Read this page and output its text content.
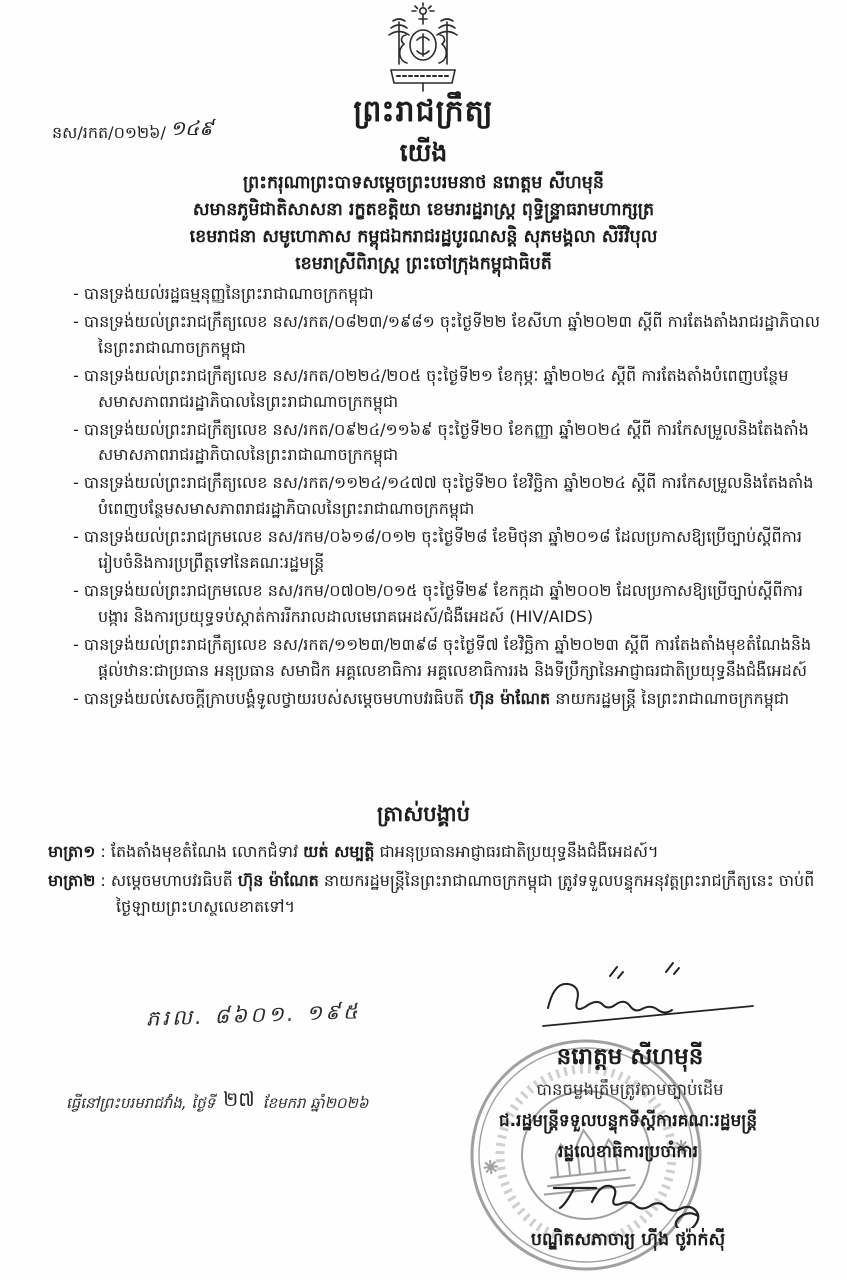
នស/រកត/០១២៦/ ១៤៩	ព្រះរាជក្រឹត្យ
យើង
ព្រះករុណាព្រះបាទសម្តេចព្រះបរមនាថ នរោត្តម សីហមុនី
សមានភូមិជាតិសាសនា រក្ខតខត្តិយា ខេមរារដ្ឋរាស្ត្រ ពុទ្ធិន្ទ្រាធរាមហាក្សត្រ
ខេមរាជនា សមូហោភាស កម្ពុជឯករាជរដ្ឋបូរណសន្តិ សុភមង្គលា សិរីវិបុល
ខេមរាស្រីពិរាស្ត្រ ព្រះចៅក្រុងកម្ពុជាធិបតី
- បានទ្រង់យល់រដ្ឋធម្មនុញ្ញនៃព្រះរាជាណាចក្រកម្ពុជា
- បានទ្រង់យល់ព្រះរាជក្រឹត្យលេខ នស/រកត/០៨២៣/១៩៨១ ចុះថ្ងៃទី២២ ខែសីហា ឆ្នាំ២០២៣ ស្តីពី ការតែងតាំងរាជរដ្ឋាភិបាលនៃព្រះរាជាណាចក្រកម្ពុជា
- បានទ្រង់យល់ព្រះរាជក្រឹត្យលេខ នស/រកត/០២២៤/២០៥ ចុះថ្ងៃទី២១ ខែកុម្ភៈ ឆ្នាំ២០២៤ ស្តីពី ការតែងតាំងបំពេញបន្ថែមសមាសភាពរាជរដ្ឋាភិបាលនៃព្រះរាជាណាចក្រកម្ពុជា
- បានទ្រង់យល់ព្រះរាជក្រឹត្យលេខ នស/រកត/០៩២៤/១១៦៩ ចុះថ្ងៃទី២០ ខែកញ្ញា ឆ្នាំ២០២៤ ស្តីពី ការកែសម្រួលនិងតែងតាំងសមាសភាពរាជរដ្ឋាភិបាលនៃព្រះរាជាណាចក្រកម្ពុជា
- បានទ្រង់យល់ព្រះរាជក្រឹត្យលេខ នស/រកត/១១២៤/១៤៧៧ ចុះថ្ងៃទី២០ ខែវិច្ឆិកា ឆ្នាំ២០២៤ ស្តីពី ការកែសម្រួលនិងតែងតាំងបំពេញបន្ថែមសមាសភាពរាជរដ្ឋាភិបាលនៃព្រះរាជាណាចក្រកម្ពុជា
- បានទ្រង់យល់ព្រះរាជក្រមលេខ នស/រកម/០៦១៨/០១២ ចុះថ្ងៃទី២៨ ខែមិថុនា ឆ្នាំ២០១៨ ដែលប្រកាសឱ្យប្រើច្បាប់ស្តីពីការរៀបចំនិងការប្រព្រឹត្តទៅនៃគណៈរដ្ឋមន្ត្រី
- បានទ្រង់យល់ព្រះរាជក្រមលេខ នស/រកម/០៧០២/០១៥ ចុះថ្ងៃទី២៩ ខែកក្កដា ឆ្នាំ២០០២ ដែលប្រកាសឱ្យប្រើច្បាប់ស្តីពីការបង្ការ និងការប្រយុទ្ធទប់ស្កាត់ការរីករាលដាលមេរោគអេដស៍/ជំងឺអេដស៍ (HIV/AIDS)
- បានទ្រង់យល់ព្រះរាជក្រឹត្យលេខ នស/រកត/១១២៣/២៣៩៨ ចុះថ្ងៃទី៧ ខែវិច្ឆិកា ឆ្នាំ២០២៣ ស្តីពី ការតែងតាំងមុខតំណែងនិងផ្តល់ឋានៈជាប្រធាន អនុប្រធាន សមាជិក អគ្គលេខាធិការ អគ្គលេខាធិការរង និងទីប្រឹក្សានៃអាជ្ញាធរជាតិប្រយុទ្ធនឹងជំងឺអេដស៍
- បានទ្រង់យល់សេចក្តីក្រាបបង្គំទូលថ្វាយរបស់សម្តេចមហាបវរធិបតី ហ៊ុន ម៉ាណែត នាយករដ្ឋមន្ត្រី នៃព្រះរាជាណាចក្រកម្ពុជា
ត្រាស់បង្គាប់
មាត្រា១ : តែងតាំងមុខតំណែង លោកជំទាវ យត់ សម្បត្តិ ជាអនុប្រធានអាជ្ញាធរជាតិប្រយុទ្ធនឹងជំងឺអេដស៍។
មាត្រា២ : សម្តេចមហាបវរធិបតី ហ៊ុន ម៉ាណែត នាយករដ្ឋមន្ត្រីនៃព្រះរាជាណាចក្រកម្ពុជា ត្រូវទទួលបន្ទុកអនុវត្តព្រះរាជក្រឹត្យនេះ ចាប់ពីថ្ងៃឡាយព្រះហស្ថលេខាតទៅ។
ភរល. ៨៦០១. ១៩៥
ធ្វើនៅព្រះបរមរាជវាំង, ថ្ងៃទី ២៧ ខែមករា ឆ្នាំ២០២៦
នរោត្តម សីហមុនី
បានចម្លងត្រឹមត្រូវតាមច្បាប់ដើម
ជ.រដ្ឋមន្ត្រីទទួលបន្ទុកទីស្តីការគណៈរដ្ឋមន្ត្រី
រដ្ឋលេខាធិការប្រចាំការ
បណ្ឌិតសភាចារ្យ ហ៊ីង ថូរ៉ាក់ស៊ី
